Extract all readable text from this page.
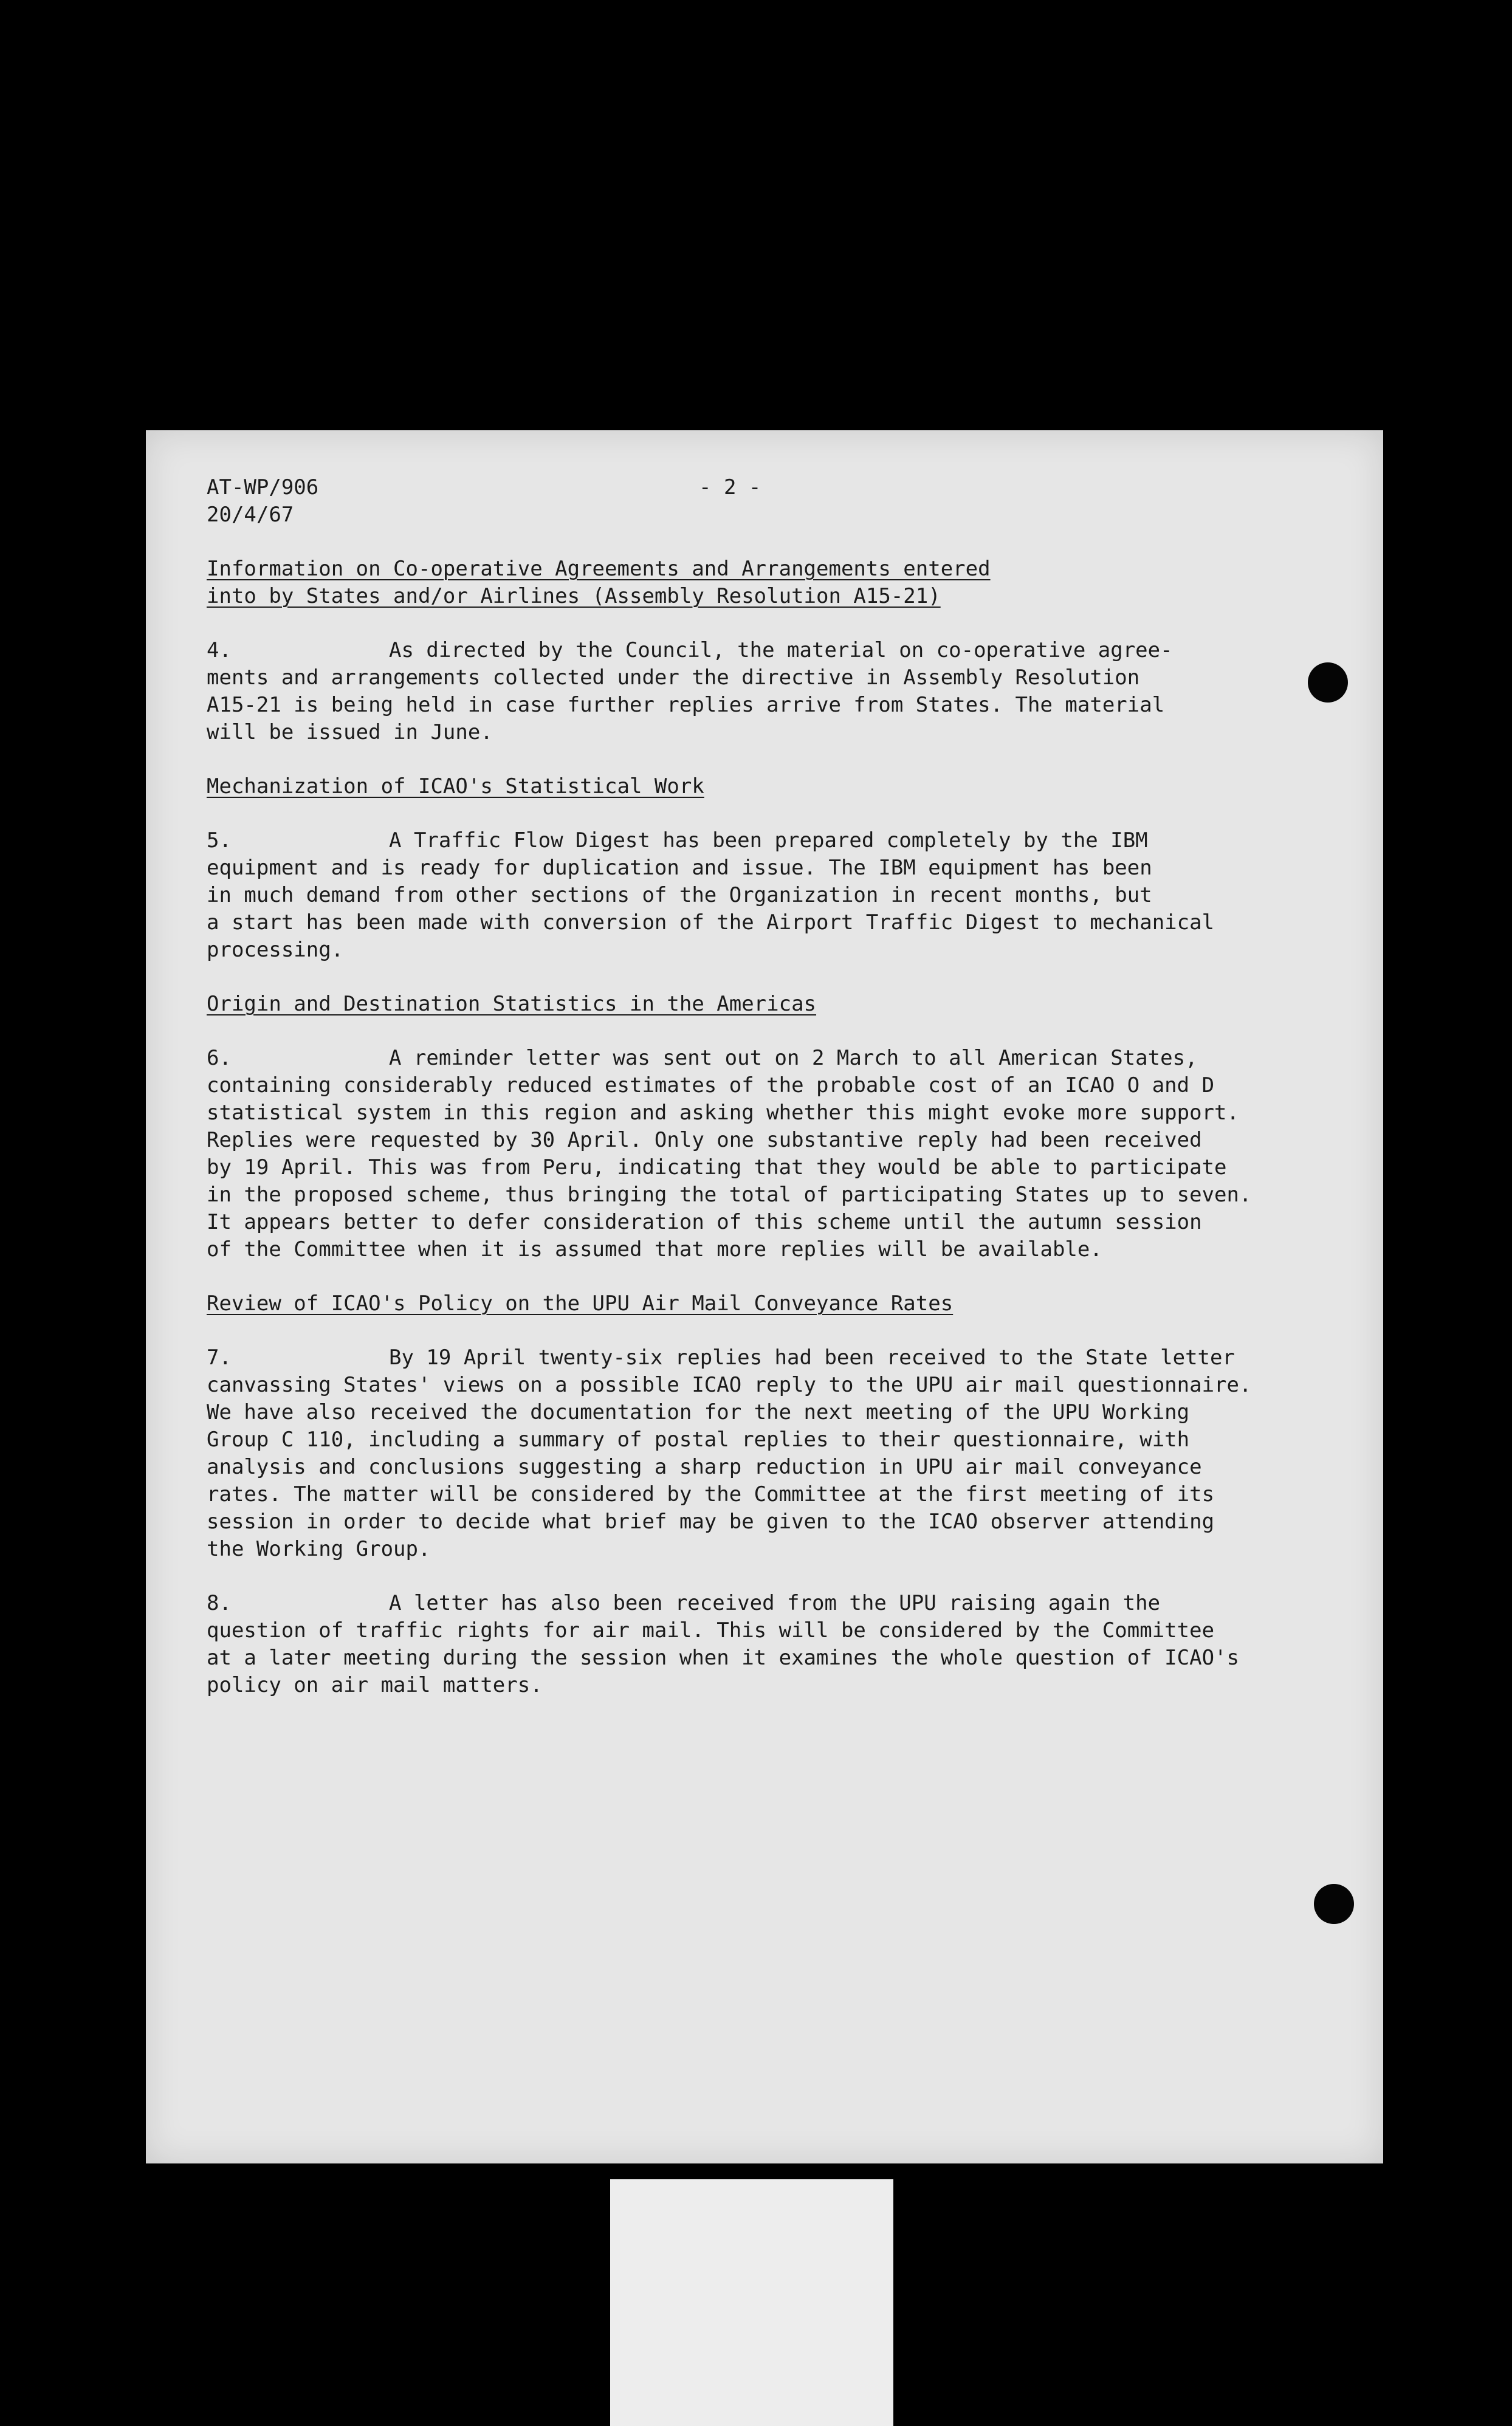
AT-WP/906	- 2 -
20/4/67
Information on Co-operative Agreements and Arrangements entered
into by States and/or Airlines (Assembly Resolution A15-21)
4.	As directed by the Council, the material on co-operative agree-
ments and arrangements collected under the directive in Assembly Resolution
A15-21 is being held in case further replies arrive from States. The material
will be issued in June.
Mechanization of ICAO's Statistical Work
5.	A Traffic Flow Digest has been prepared completely by the IBM
equipment and is ready for duplication and issue. The IBM equipment has been
in much demand from other sections of the Organization in recent months, but
a start has been made with conversion of the Airport Traffic Digest to mechanical
processing.
Origin and Destination Statistics in the Americas
6.	A reminder letter was sent out on 2 March to all American States,
containing considerably reduced estimates of the probable cost of an ICAO O and D
statistical system in this region and asking whether this might evoke more support.
Replies were requested by 30 April. Only one substantive reply had been received
by 19 April. This was from Peru, indicating that they would be able to participate
in the proposed scheme, thus bringing the total of participating States up to seven.
It appears better to defer consideration of this scheme until the autumn session
of the Committee when it is assumed that more replies will be available.
Review of ICAO's Policy on the UPU Air Mail Conveyance Rates
7.	By 19 April twenty-six replies had been received to the State letter
canvassing States' views on a possible ICAO reply to the UPU air mail questionnaire.
We have also received the documentation for the next meeting of the UPU Working
Group C 110, including a summary of postal replies to their questionnaire, with
analysis and conclusions suggesting a sharp reduction in UPU air mail conveyance
rates. The matter will be considered by the Committee at the first meeting of its
session in order to decide what brief may be given to the ICAO observer attending
the Working Group.
8.	A letter has also been received from the UPU raising again the
question of traffic rights for air mail. This will be considered by the Committee
at a later meeting during the session when it examines the whole question of ICAO's
policy on air mail matters.
